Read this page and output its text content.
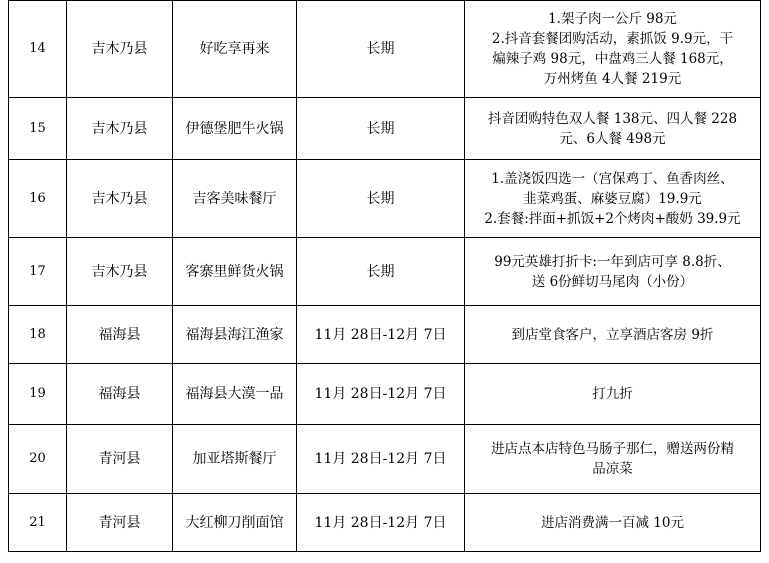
14	吉木乃县	好吃享再来	长期	1.架子肉一公斤 98元
2.抖音套餐团购活动，素抓饭 9.9元，干
煸辣子鸡 98元，中盘鸡三人餐 168元，
万州烤鱼 4人餐 219元

15	吉木乃县	伊德堡肥牛火锅	长期	抖音团购特色双人餐 138元、四人餐 228
元、6人餐 498元

16	吉木乃县	吉客美味餐厅	长期	1.盖浇饭四选一（宫保鸡丁、鱼香肉丝、
韭菜鸡蛋、麻婆豆腐）19.9元
2.套餐:拌面+抓饭+2个烤肉+酸奶 39.9元

17	吉木乃县	客寨里鲜货火锅	长期	99元英雄打折卡:一年到店可享 8.8折、
送 6份鲜切马尾肉（小份）

18	福海县	福海县海江渔家	11月 28日-12月 7日	到店堂食客户，立享酒店客房 9折

19	福海县	福海县大漠一品	11月 28日-12月 7日	打九折

20	青河县	加亚塔斯餐厅	11月 28日-12月 7日	进店点本店特色马肠子那仁，赠送两份精
品凉菜

21	青河县	大红柳刀削面馆	11月 28日-12月 7日	进店消费满一百减 10元
